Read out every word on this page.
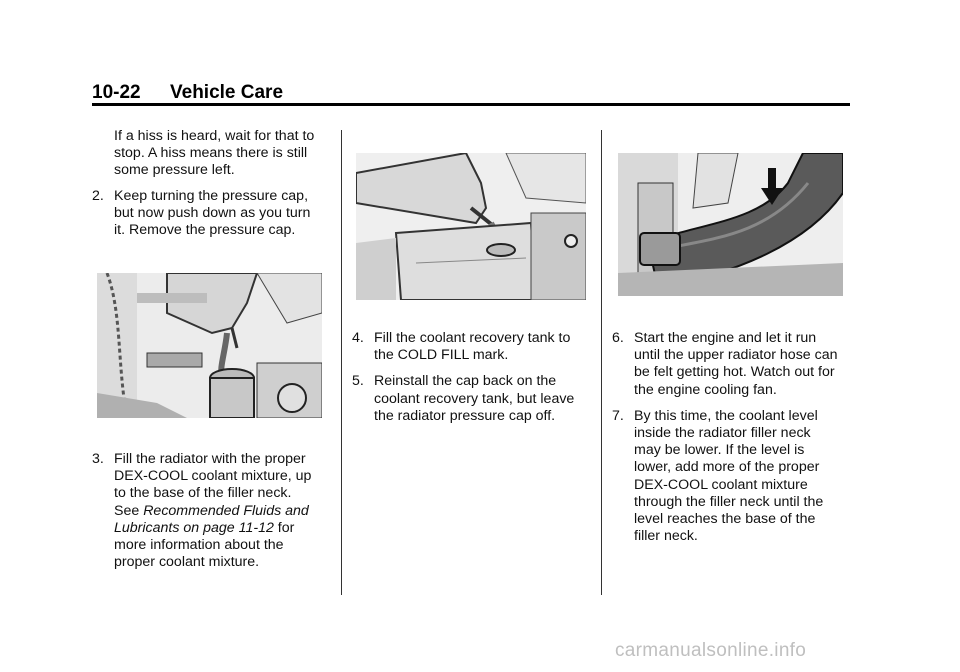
10-22 Vehicle Care
If a hiss is heard, wait for that to
stop. A hiss means there is still
some pressure left.
2. Keep turning the pressure cap,
but now push down as you turn
it. Remove the pressure cap.
3. Fill the radiator with the proper
DEX-COOL coolant mixture, up
to the base of the filler neck.
See Recommended Fluids and
Lubricants on page 11-12 for
more information about the
proper coolant mixture.
4. Fill the coolant recovery tank to
the COLD FILL mark.
5. Reinstall the cap back on the
coolant recovery tank, but leave
the radiator pressure cap off.
6. Start the engine and let it run
until the upper radiator hose can
be felt getting hot. Watch out for
the engine cooling fan.
7. By this time, the coolant level
inside the radiator filler neck
may be lower. If the level is
lower, add more of the proper
DEX-COOL coolant mixture
through the filler neck until the
level reaches the base of the
filler neck.
carmanualsonline.info
